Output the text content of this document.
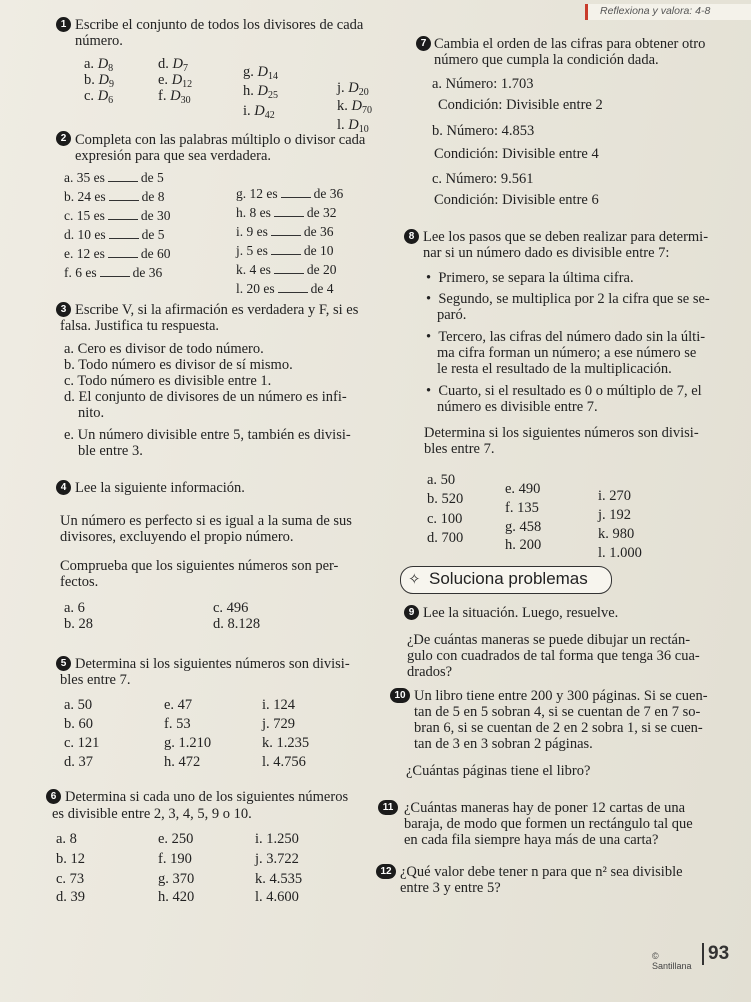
Reflexiona y valora: 4-8
1 Escribe el conjunto de todos los divisores de cada
número.
a. $D_8$
b. $D_9$
c. $D_6$
d. $D_7$
e. $D_{12}$
f. $D_{30}$
g. $D_{14}$
h. $D_{25}$
i. $D_{42}$
j. $D_{20}$
k. $D_{70}$
l. $D_{10}$
2 Completa con las palabras múltiplo o divisor cada
expresión para que sea verdadera.
a. 35 es	de 5
b. 24 es	de 8
c. 15 es	de 30
d. 10 es	de 5
e. 12 es	de 60
f. 6 es	de 36
g. 12 es	de 36
h. 8 es	de 32
i. 9 es	de 36
j. 5 es	de 10
k. 4 es	de 20
l. 20 es	de 4
3 Escribe V, si la afirmación es verdadera y F, si es
falsa. Justifica tu respuesta.
a. Cero es divisor de todo número.
b. Todo número es divisor de sí mismo.
c. Todo número es divisible entre 1.
d. El conjunto de divisores de un número es infi-
nito.
e. Un número divisible entre 5, también es divisi-
ble entre 3.
4 Lee la siguiente información.
Un número es perfecto si es igual a la suma de sus
divisores, excluyendo el propio número.
Comprueba que los siguientes números son per-
fectos.
a. 6
b. 28
c. 496
d. 8.128
5 Determina si los siguientes números son divisi-
bles entre 7.
a. 50
b. 60
c. 121
d. 37
e. 47
f. 53
g. 1.210
h. 472
i. 124
j. 729
k. 1.235
l. 4.756
6 Determina si cada uno de los siguientes números
es divisible entre 2, 3, 4, 5, 9 o 10.
a. 8
b. 12
c. 73
d. 39
e. 250
f. 190
g. 370
h. 420
i. 1.250
j. 3.722
k. 4.535
l. 4.600
7 Cambia el orden de las cifras para obtener otro
número que cumpla la condición dada.
a. Número: 1.703
Condición: Divisible entre 2
b. Número: 4.853
Condición: Divisible entre 4
c. Número: 9.561
Condición: Divisible entre 6
8 Lee los pasos que se deben realizar para determi-
nar si un número dado es divisible entre 7:
•  Primero, se separa la última cifra.
•  Segundo, se multiplica por 2 la cifra que se se-
paró.
•  Tercero, las cifras del número dado sin la últi-
ma cifra forman un número; a ese número se
le resta el resultado de la multiplicación.
•  Cuarto, si el resultado es 0 o múltiplo de 7, el
número es divisible entre 7.
Determina si los siguientes números son divisi-
bles entre 7.
a. 50
b. 520
c. 100
d. 700
e. 490
f. 135
g. 458
h. 200
i. 270
j. 192
k. 980
l. 1.000
✧ Soluciona problemas
9 Lee la situación. Luego, resuelve.
¿De cuántas maneras se puede dibujar un rectán-
gulo con cuadrados de tal forma que tenga 36 cua-
drados?
10 Un libro tiene entre 200 y 300 páginas. Si se cuen-
tan de 5 en 5 sobran 4, si se cuentan de 7 en 7 so-
bran 6, si se cuentan de 2 en 2 sobra 1, si se cuen-
tan de 3 en 3 sobran 2 páginas.
¿Cuántas páginas tiene el libro?
11 ¿Cuántas maneras hay de poner 12 cartas de una
baraja, de modo que formen un rectángulo tal que
en cada fila siempre haya más de una carta?
12 ¿Qué valor debe tener n para que n² sea divisible
entre 3 y entre 5?
© Santillana
93
